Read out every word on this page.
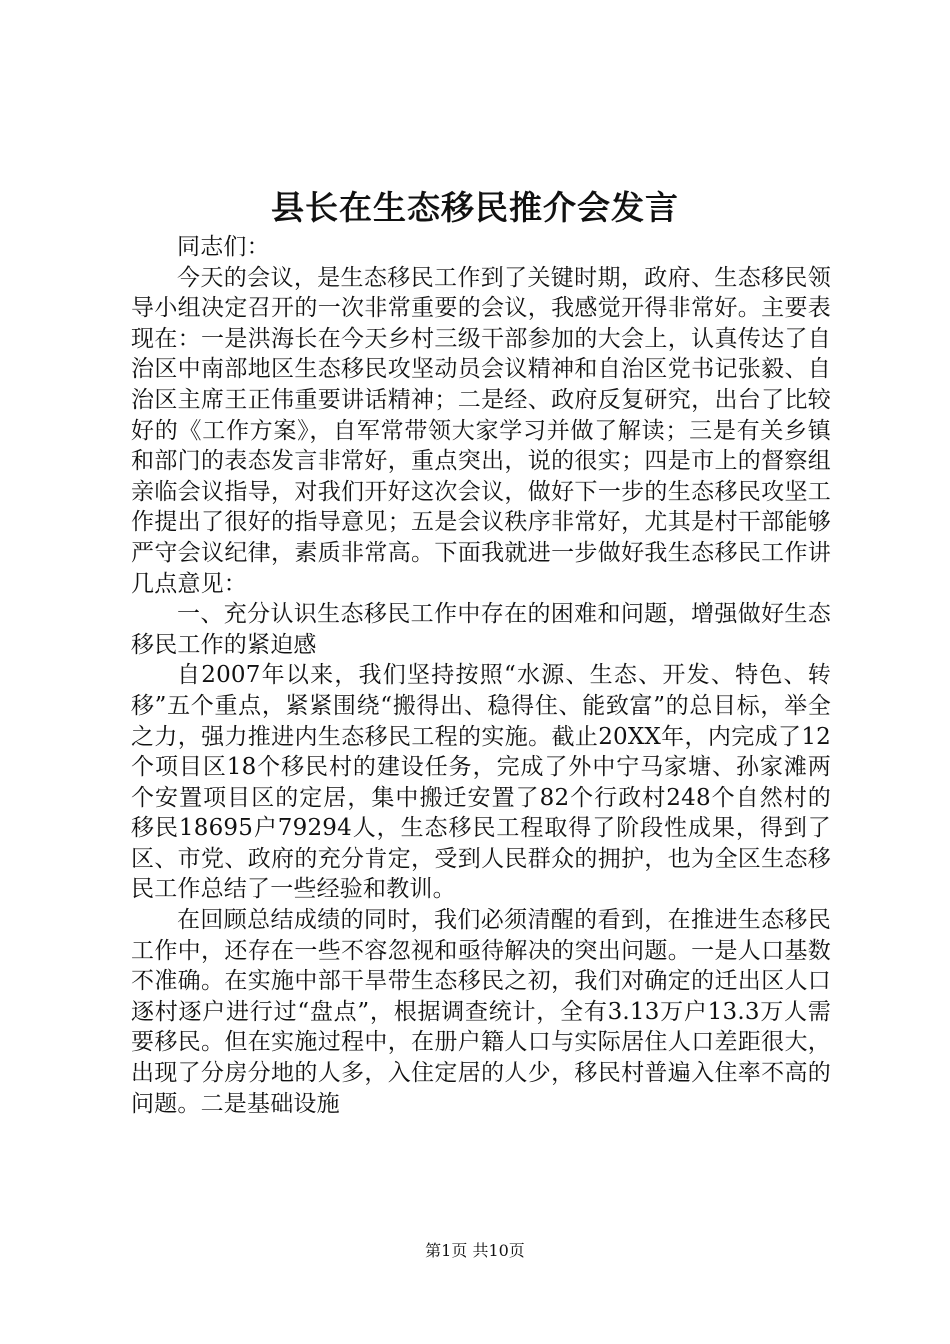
县长在生态移民推介会发言

同志们：

今天的会议，是生态移民工作到了关键时期，政府、生态移民领导小组决定召开的一次非常重要的会议，我感觉开得非常好。主要表现在：一是洪海长在今天乡村三级干部参加的大会上，认真传达了自治区中南部地区生态移民攻坚动员会议精神和自治区党书记张毅、自治区主席王正伟重要讲话精神；二是经、政府反复研究，出台了比较好的《工作方案》，自军常带领大家学习并做了解读；三是有关乡镇和部门的表态发言非常好，重点突出，说的很实；四是市上的督察组亲临会议指导，对我们开好这次会议，做好下一步的生态移民攻坚工作提出了很好的指导意见；五是会议秩序非常好，尤其是村干部能够严守会议纪律，素质非常高。下面我就进一步做好我生态移民工作讲几点意见：

一、充分认识生态移民工作中存在的困难和问题，增强做好生态移民工作的紧迫感

自2007年以来，我们坚持按照“水源、生态、开发、特色、转移”五个重点，紧紧围绕“搬得出、稳得住、能致富”的总目标，举全之力，强力推进内生态移民工程的实施。截止20XX年，内完成了12个项目区18个移民村的建设任务，完成了外中宁马家塘、孙家滩两个安置项目区的定居，集中搬迁安置了82个行政村248个自然村的移民18695户79294人，生态移民工程取得了阶段性成果，得到了区、市党、政府的充分肯定，受到人民群众的拥护，也为全区生态移民工作总结了一些经验和教训。

在回顾总结成绩的同时，我们必须清醒的看到，在推进生态移民工作中，还存在一些不容忽视和亟待解决的突出问题。一是人口基数不准确。在实施中部干旱带生态移民之初，我们对确定的迁出区人口逐村逐户进行过“盘点”，根据调查统计，全有3.13万户13.3万人需要移民。但在实施过程中，在册户籍人口与实际居住人口差距很大，出现了分房分地的人多，入住定居的人少，移民村普遍入住率不高的问题。二是基础设施

第1页 共10页
